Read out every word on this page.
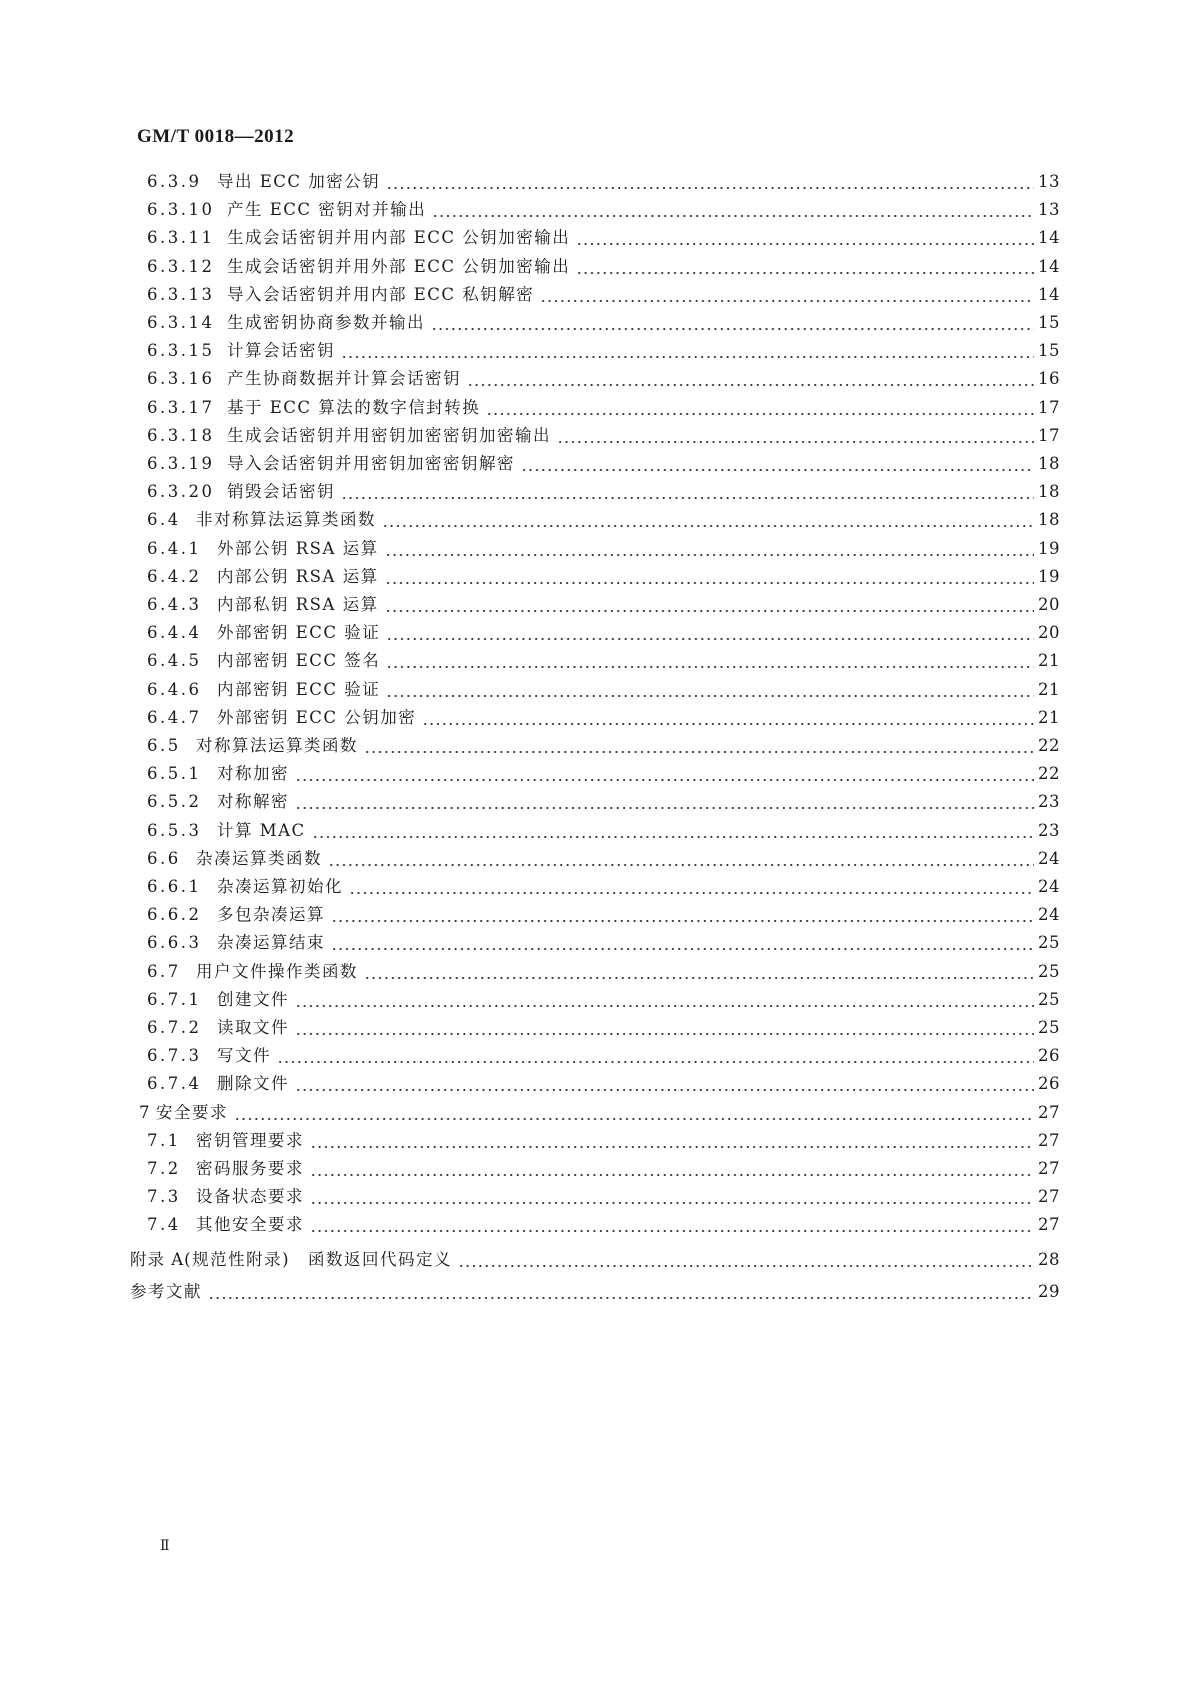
GM/T 0018—2012
6.3.9 导出 ECC 加密公钥	13
6.3.10 产生 ECC 密钥对并输出	13
6.3.11 生成会话密钥并用内部 ECC 公钥加密输出	14
6.3.12 生成会话密钥并用外部 ECC 公钥加密输出	14
6.3.13 导入会话密钥并用内部 ECC 私钥解密	14
6.3.14 生成密钥协商参数并输出	15
6.3.15 计算会话密钥	15
6.3.16 产生协商数据并计算会话密钥	16
6.3.17 基于 ECC 算法的数字信封转换	17
6.3.18 生成会话密钥并用密钥加密密钥加密输出	17
6.3.19 导入会话密钥并用密钥加密密钥解密	18
6.3.20 销毁会话密钥	18
6.4 非对称算法运算类函数	18
6.4.1 外部公钥 RSA 运算	19
6.4.2 内部公钥 RSA 运算	19
6.4.3 内部私钥 RSA 运算	20
6.4.4 外部密钥 ECC 验证	20
6.4.5 内部密钥 ECC 签名	21
6.4.6 内部密钥 ECC 验证	21
6.4.7 外部密钥 ECC 公钥加密	21
6.5 对称算法运算类函数	22
6.5.1 对称加密	22
6.5.2 对称解密	23
6.5.3 计算 MAC	23
6.6 杂凑运算类函数	24
6.6.1 杂凑运算初始化	24
6.6.2 多包杂凑运算	24
6.6.3 杂凑运算结束	25
6.7 用户文件操作类函数	25
6.7.1 创建文件	25
6.7.2 读取文件	25
6.7.3 写文件	26
6.7.4 删除文件	26
7 安全要求	27
7.1 密钥管理要求	27
7.2 密码服务要求	27
7.3 设备状态要求	27
7.4 其他安全要求	27
附录 A (规范性附录)　函数返回代码定义	28
参考文献	29
Ⅱ
